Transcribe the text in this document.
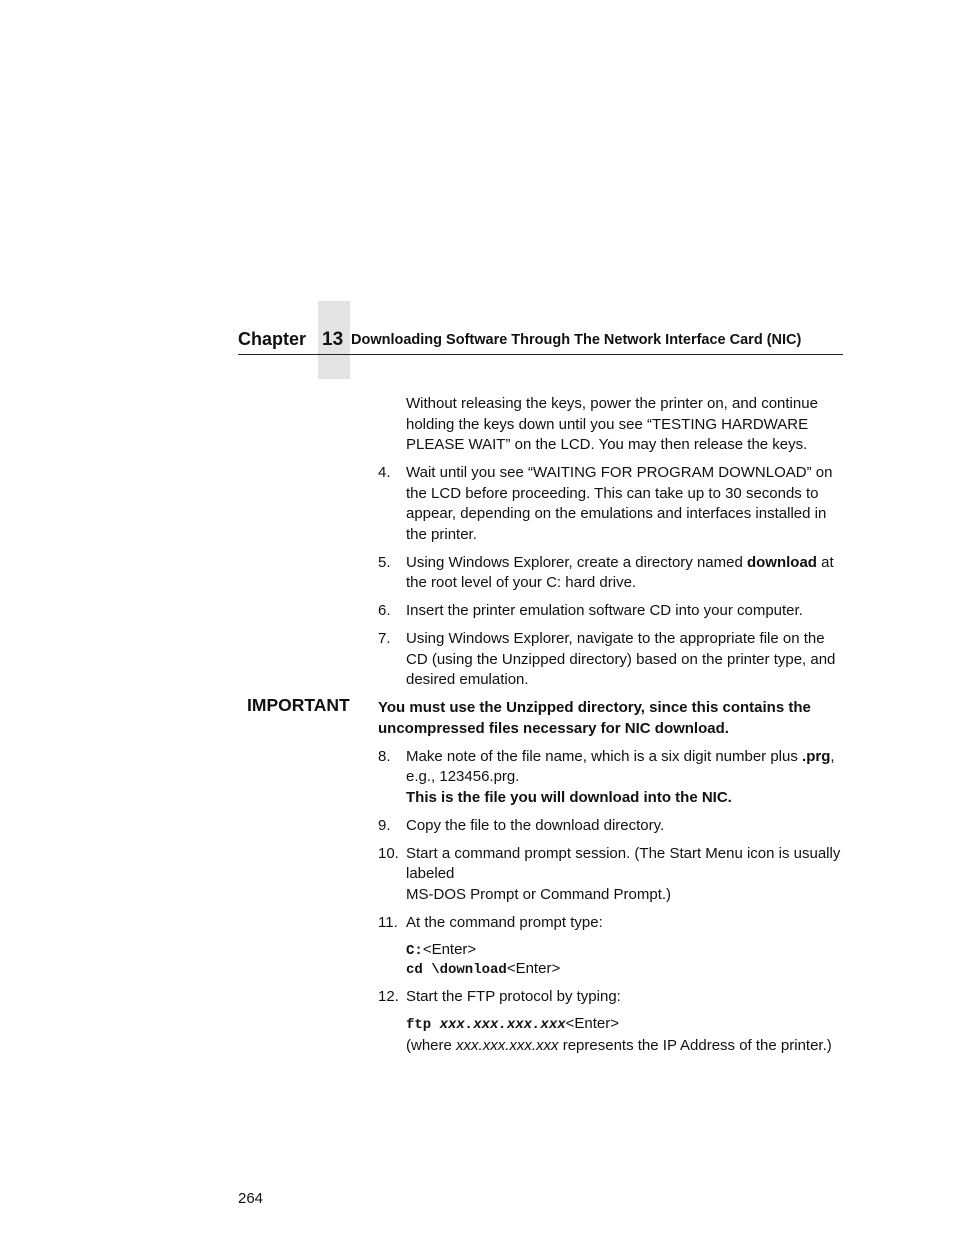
Chapter 13 Downloading Software Through The Network Interface Card (NIC)
Without releasing the keys, power the printer on, and continue holding the keys down until you see “TESTING HARDWARE PLEASE WAIT” on the LCD. You may then release the keys.
4. Wait until you see “WAITING FOR PROGRAM DOWNLOAD” on the LCD before proceeding. This can take up to 30 seconds to appear, depending on the emulations and interfaces installed in the printer.
5. Using Windows Explorer, create a directory named download at the root level of your C: hard drive.
6. Insert the printer emulation software CD into your computer.
7. Using Windows Explorer, navigate to the appropriate file on the CD (using the Unzipped directory) based on the printer type, and desired emulation.
IMPORTANT You must use the Unzipped directory, since this contains the uncompressed files necessary for NIC download.
8. Make note of the file name, which is a six digit number plus .prg, e.g., 123456.prg.
This is the file you will download into the NIC.
9. Copy the file to the download directory.
10. Start a command prompt session. (The Start Menu icon is usually labeled
MS-DOS Prompt or Command Prompt.)
11. At the command prompt type:
C:<Enter>
cd \download<Enter>
12. Start the FTP protocol by typing:
ftp xxx.xxx.xxx.xxx<Enter>
(where xxx.xxx.xxx.xxx represents the IP Address of the printer.)
264
